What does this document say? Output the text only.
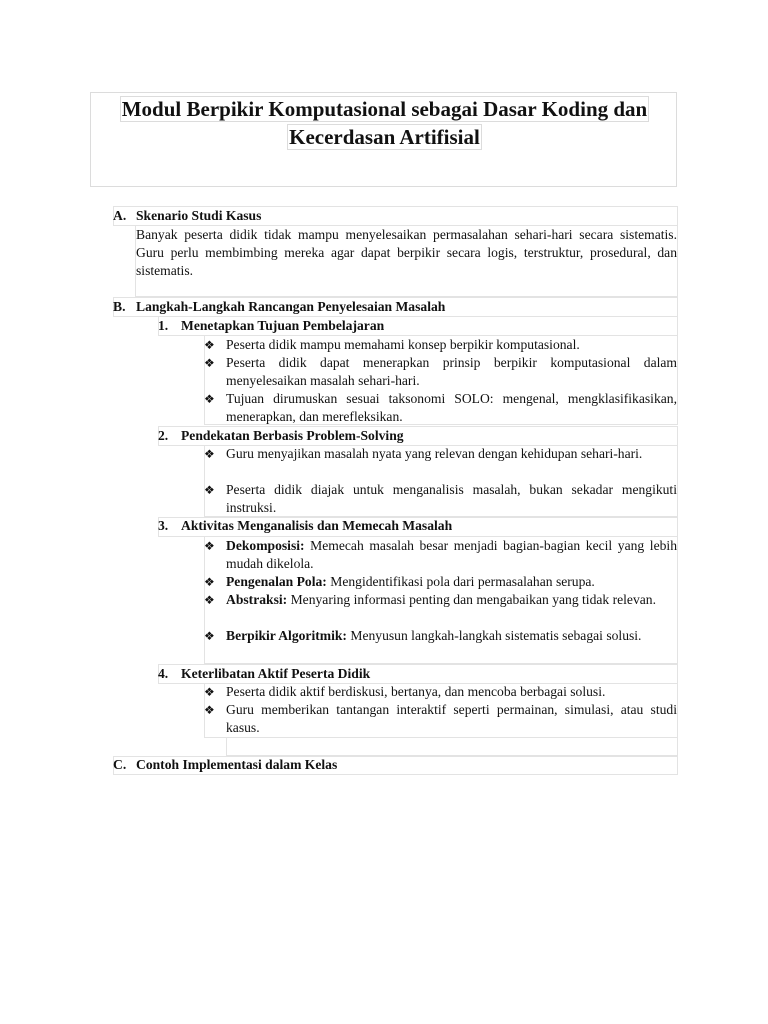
Modul Berpikir Komputasional sebagai Dasar Koding dan
Kecerdasan Artifisial
A. Skenario Studi Kasus

Banyak peserta didik tidak mampu menyelesaikan permasalahan sehari-hari secara sistematis. Guru perlu membimbing mereka agar dapat berpikir secara logis, terstruktur, prosedural, dan sistematis.

B. Langkah-Langkah Rancangan Penyelesaian Masalah
1. Menetapkan Tujuan Pembelajaran
❖ Peserta didik mampu memahami konsep berpikir komputasional.
❖ Peserta didik dapat menerapkan prinsip berpikir komputasional dalam menyelesaikan masalah sehari-hari.
❖ Tujuan dirumuskan sesuai taksonomi SOLO: mengenal, mengklasifikasikan, menerapkan, dan merefleksikan.
2. Pendekatan Berbasis Problem-Solving
❖ Guru menyajikan masalah nyata yang relevan dengan kehidupan sehari-hari.
❖ Peserta didik diajak untuk menganalisis masalah, bukan sekadar mengikuti instruksi.
3. Aktivitas Menganalisis dan Memecah Masalah
❖ Dekomposisi: Memecah masalah besar menjadi bagian-bagian kecil yang lebih mudah dikelola.
❖ Pengenalan Pola: Mengidentifikasi pola dari permasalahan serupa.
❖ Abstraksi: Menyaring informasi penting dan mengabaikan yang tidak relevan.
❖ Berpikir Algoritmik: Menyusun langkah-langkah sistematis sebagai solusi.
4. Keterlibatan Aktif Peserta Didik
❖ Peserta didik aktif berdiskusi, bertanya, dan mencoba berbagai solusi.
❖ Guru memberikan tantangan interaktif seperti permainan, simulasi, atau studi kasus.
C. Contoh Implementasi dalam Kelas
